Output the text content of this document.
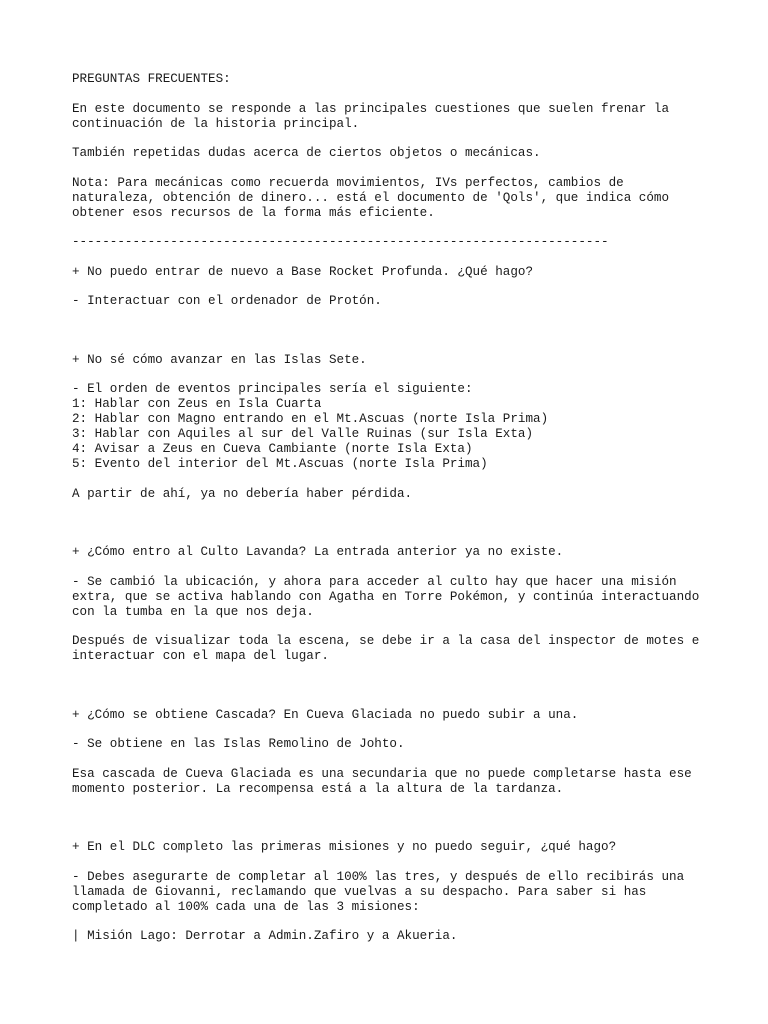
PREGUNTAS FRECUENTES:
En este documento se responde a las principales cuestiones que suelen frenar la
continuación de la historia principal.
También repetidas dudas acerca de ciertos objetos o mecánicas.
Nota: Para mecánicas como recuerda movimientos, IVs perfectos, cambios de
naturaleza, obtención de dinero... está el documento de 'Qols', que indica cómo
obtener esos recursos de la forma más eficiente.
-----------------------------------------------------------------------
+ No puedo entrar de nuevo a Base Rocket Profunda. ¿Qué hago?
- Interactuar con el ordenador de Protón.
+ No sé cómo avanzar en las Islas Sete.
- El orden de eventos principales sería el siguiente:
1: Hablar con Zeus en Isla Cuarta
2: Hablar con Magno entrando en el Mt.Ascuas (norte Isla Prima)
3: Hablar con Aquiles al sur del Valle Ruinas (sur Isla Exta)
4: Avisar a Zeus en Cueva Cambiante (norte Isla Exta)
5: Evento del interior del Mt.Ascuas (norte Isla Prima)
A partir de ahí, ya no debería haber pérdida.
+ ¿Cómo entro al Culto Lavanda? La entrada anterior ya no existe.
- Se cambió la ubicación, y ahora para acceder al culto hay que hacer una misión
extra, que se activa hablando con Agatha en Torre Pokémon, y continúa interactuando
con la tumba en la que nos deja.
Después de visualizar toda la escena, se debe ir a la casa del inspector de motes e
interactuar con el mapa del lugar.
+ ¿Cómo se obtiene Cascada? En Cueva Glaciada no puedo subir a una.
- Se obtiene en las Islas Remolino de Johto.
Esa cascada de Cueva Glaciada es una secundaria que no puede completarse hasta ese
momento posterior. La recompensa está a la altura de la tardanza.
+ En el DLC completo las primeras misiones y no puedo seguir, ¿qué hago?
- Debes asegurarte de completar al 100% las tres, y después de ello recibirás una
llamada de Giovanni, reclamando que vuelvas a su despacho. Para saber si has
completado al 100% cada una de las 3 misiones:
| Misión Lago: Derrotar a Admin.Zafiro y a Akueria.
